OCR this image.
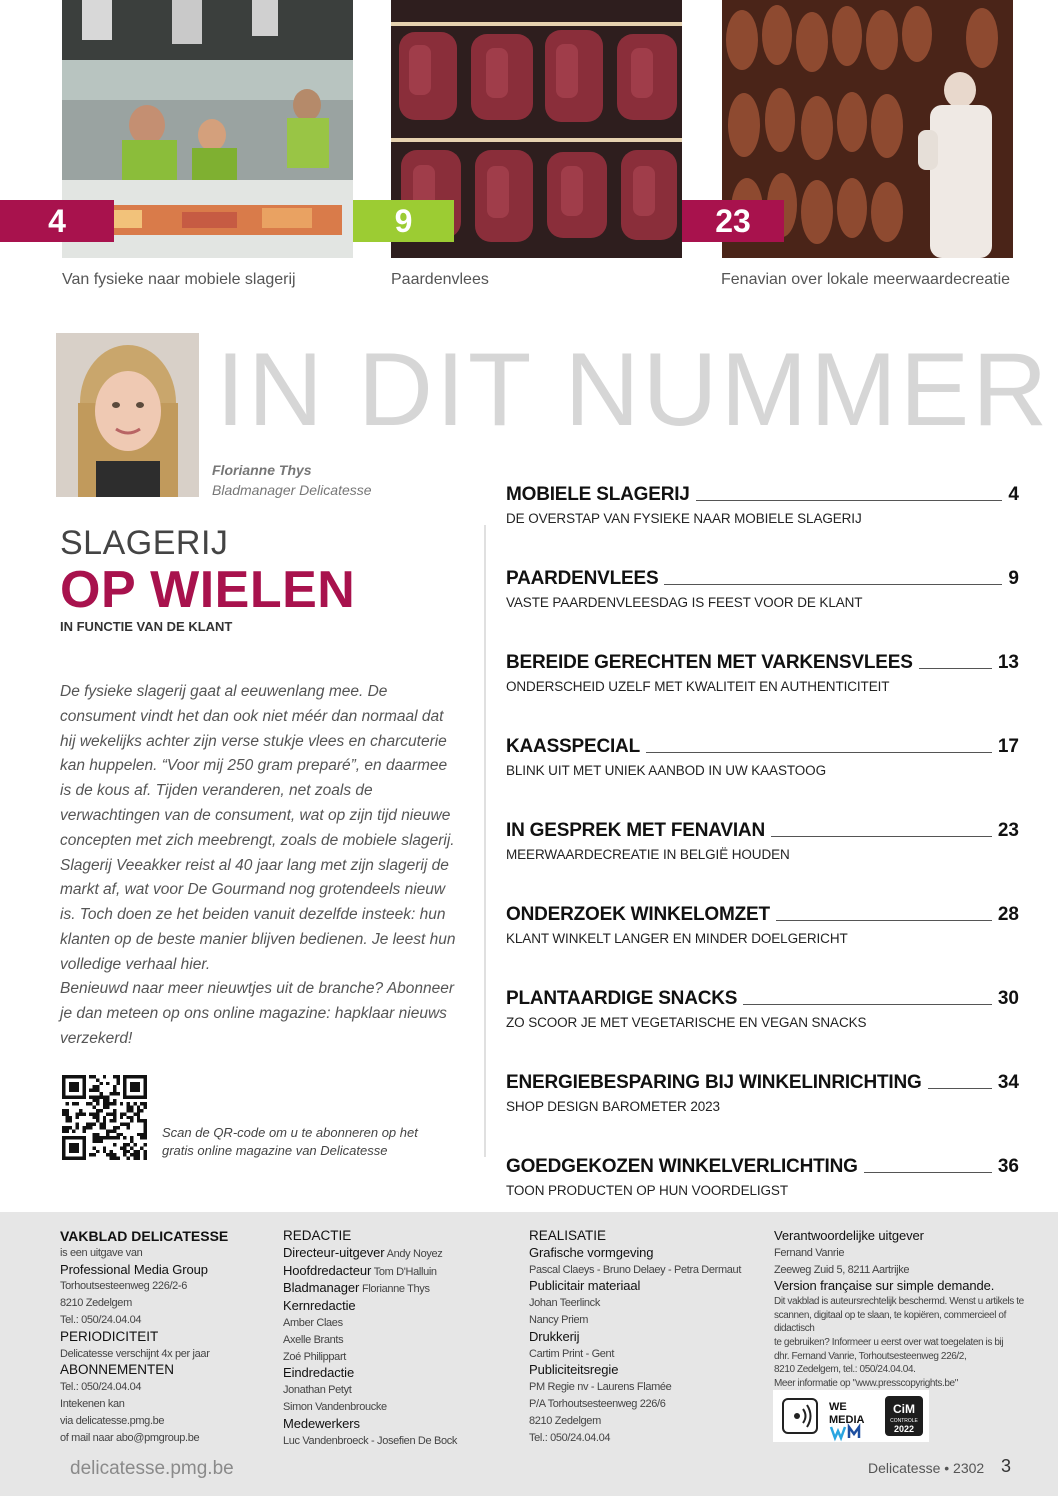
4	9	23
Van fysieke naar mobiele slagerij	Paardenvlees	Fenavian over lokale meerwaardecreatie
IN DIT NUMMER
Florianne Thys
Bladmanager Delicatesse
SLAGERIJ
OP WIELEN
IN FUNCTIE VAN DE KLANT

De fysieke slagerij gaat al eeuwenlang mee. De consument vindt het dan ook niet méér dan normaal dat hij wekelijks achter zijn verse stukje vlees en charcuterie kan huppelen. “Voor mij 250 gram preparé”, en daarmee is de kous af. Tijden veranderen, net zoals de verwachtingen van de consument, wat op zijn tijd nieuwe concepten met zich meebrengt, zoals de mobiele slagerij. Slagerij Veeakker reist al 40 jaar lang met zijn slagerij de markt af, wat voor De Gourmand nog grotendeels nieuw is. Toch doen ze het beiden vanuit dezelfde insteek: hun klanten op de beste manier blijven bedienen. Je leest hun volledige verhaal hier.

Benieuwd naar meer nieuwtjes uit de branche? Abonneer je dan meteen op ons online magazine: hapklaar nieuws verzekerd!

Scan de QR-code om u te abonneren op het gratis online magazine van Delicatesse
MOBIELE SLAGERIJ	4
DE OVERSTAP VAN FYSIEKE NAAR MOBIELE SLAGERIJ
PAARDENVLEES	9
VASTE PAARDENVLEESDAG IS FEEST VOOR DE KLANT
BEREIDE GERECHTEN MET VARKENSVLEES	13
ONDERSCHEID UZELF MET KWALITEIT EN AUTHENTICITEIT
KAASSPECIAL	17
BLINK UIT MET UNIEK AANBOD IN UW KAASTOOG
IN GESPREK MET FENAVIAN	23
MEERWAARDECREATIE IN BELGIË HOUDEN
ONDERZOEK WINKELOMZET	28
KLANT WINKELT LANGER EN MINDER DOELGERICHT
PLANTAARDIGE SNACKS	30
ZO SCOOR JE MET VEGETARISCHE EN VEGAN SNACKS
ENERGIEBESPARING BIJ WINKELINRICHTING	34
SHOP DESIGN BAROMETER 2023
GOEDGEKOZEN WINKELVERLICHTING	36
TOON PRODUCTEN OP HUN VOORDELIGST
VAKBLAD DELICATESSE
is een uitgave van
Professional Media Group
Torhoutsesteenweg 226/2-6
8210 Zedelgem
Tel.: 050/24.04.04
PERIODICITEIT
Delicatesse verschijnt 4x per jaar
ABONNEMENTEN
Tel.: 050/24.04.04
Intekenen kan
via delicatesse.pmg.be
of mail naar abo@pmgroup.be
REDACTIE
Directeur-uitgever Andy Noyez
Hoofdredacteur Tom D'Halluin
Bladmanager Florianne Thys
Kernredactie
Amber Claes
Axelle Brants
Zoé Philippart
Eindredactie
Jonathan Petyt
Simon Vandenbroucke
Medewerkers
Luc Vandenbroeck - Josefien De Bock
REALISATIE
Grafische vormgeving
Pascal Claeys - Bruno Delaey - Petra Dermaut
Publicitair materiaal
Johan Teerlinck
Nancy Priem
Drukkerij
Cartim Print - Gent
Publiciteitsregie
PM Regie nv - Laurens Flamée
P/A Torhoutsesteenweg 226/6
8210 Zedelgem
Tel.: 050/24.04.04
Verantwoordelijke uitgever
Fernand Vanrie
Zeeweg Zuid 5, 8211 Aartrijke
Version française sur simple demande.
Dit vakblad is auteursrechtelijk beschermd. Wenst u artikels te
scannen, digitaal op te slaan, te kopiëren, commercieel of didactisch
te gebruiken? Informeer u eerst over wat toegelaten is bij
dhr. Fernand Vanrie, Torhoutsesteenweg 226/2,
8210 Zedelgem, tel.: 050/24.04.04.
Meer informatie op "www.presscopyrights.be"
WE
MEDIA
CiM
CONTROLE
2022
delicatesse.pmg.be	Delicatesse • 2302 3
